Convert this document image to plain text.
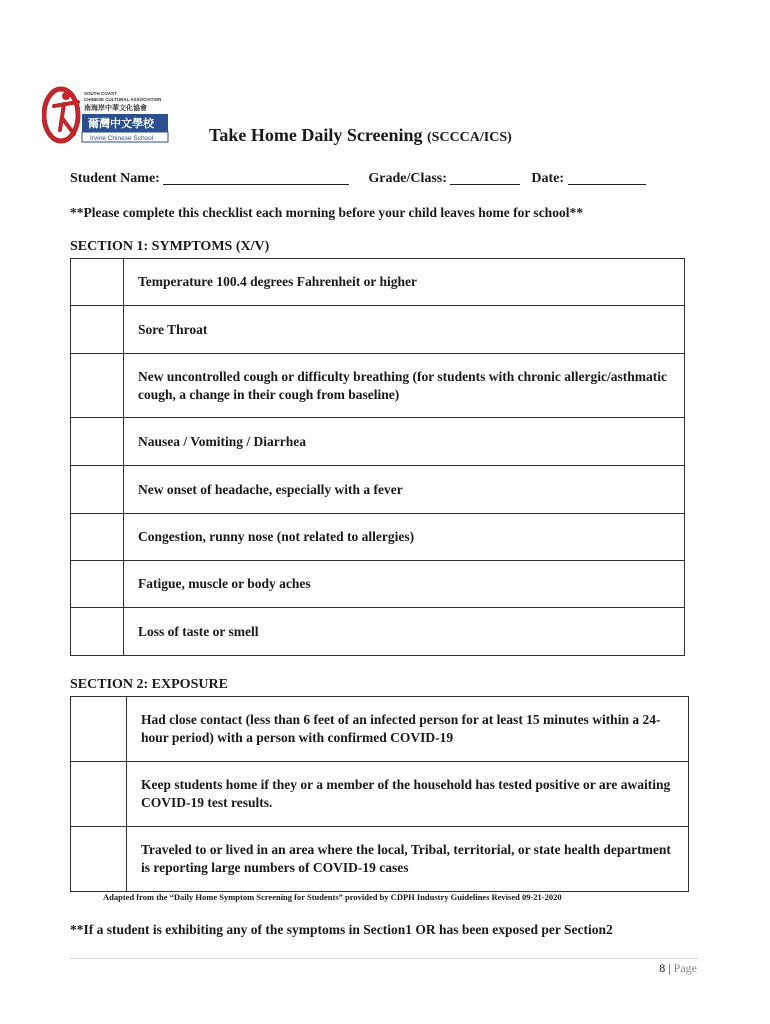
SOUTH COAST
CHINESE CULTURAL ASSOCIATION
南海岸中華文化協會
爾灣中文學校
Irvine Chinese School	Take Home Daily Screening (SCCCA/ICS)
Student Name:	Grade/Class:	Date:
**Please complete this checklist each morning before your child leaves home for school**
SECTION 1: SYMPTOMS (X/V)
	Temperature 100.4 degrees Fahrenheit or higher
	Sore Throat
	New uncontrolled cough or difficulty breathing (for students with chronic allergic/asthmatic cough, a change in their cough from baseline)
	Nausea / Vomiting / Diarrhea
	New onset of headache, especially with a fever
	Congestion, runny nose (not related to allergies)
	Fatigue, muscle or body aches
	Loss of taste or smell
SECTION 2: EXPOSURE
	Had close contact (less than 6 feet of an infected person for at least 15 minutes within a 24-hour period) with a person with confirmed COVID-19
	Keep students home if they or a member of the household has tested positive or are awaiting COVID-19 test results.
	Traveled to or lived in an area where the local, Tribal, territorial, or state health department is reporting large numbers of COVID-19 cases
Adapted from the “Daily Home Symptom Screening for Students” provided by CDPH Industry Guidelines Revised 09-21-2020
**If a student is exhibiting any of the symptoms in Section1 OR has been exposed per Section2
8 | Page
